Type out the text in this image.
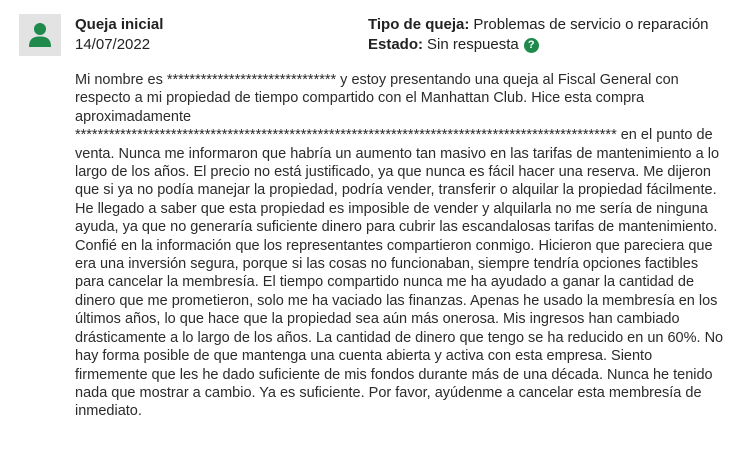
Queja inicial
14/07/2022
Tipo de queja: Problemas de servicio o reparación
Estado: Sin respuesta ?
Mi nombre es ****************************** y estoy presentando una queja al Fiscal General con respecto a mi propiedad de tiempo compartido con el Manhattan Club. Hice esta compra aproximadamente ************************************************************************************************ en el punto de venta. Nunca me informaron que habría un aumento tan masivo en las tarifas de mantenimiento a lo largo de los años. El precio no está justificado, ya que nunca es fácil hacer una reserva. Me dijeron que si ya no podía manejar la propiedad, podría vender, transferir o alquilar la propiedad fácilmente. He llegado a saber que esta propiedad es imposible de vender y alquilarla no me sería de ninguna ayuda, ya que no generaría suficiente dinero para cubrir las escandalosas tarifas de mantenimiento. Confié en la información que los representantes compartieron conmigo. Hicieron que pareciera que era una inversión segura, porque si las cosas no funcionaban, siempre tendría opciones factibles para cancelar la membresía. El tiempo compartido nunca me ha ayudado a ganar la cantidad de dinero que me prometieron, solo me ha vaciado las finanzas. Apenas he usado la membresía en los últimos años, lo que hace que la propiedad sea aún más onerosa. Mis ingresos han cambiado drásticamente a lo largo de los años. La cantidad de dinero que tengo se ha reducido en un 60%. No hay forma posible de que mantenga una cuenta abierta y activa con esta empresa. Siento firmemente que les he dado suficiente de mis fondos durante más de una década. Nunca he tenido nada que mostrar a cambio. Ya es suficiente. Por favor, ayúdenme a cancelar esta membresía de inmediato.
